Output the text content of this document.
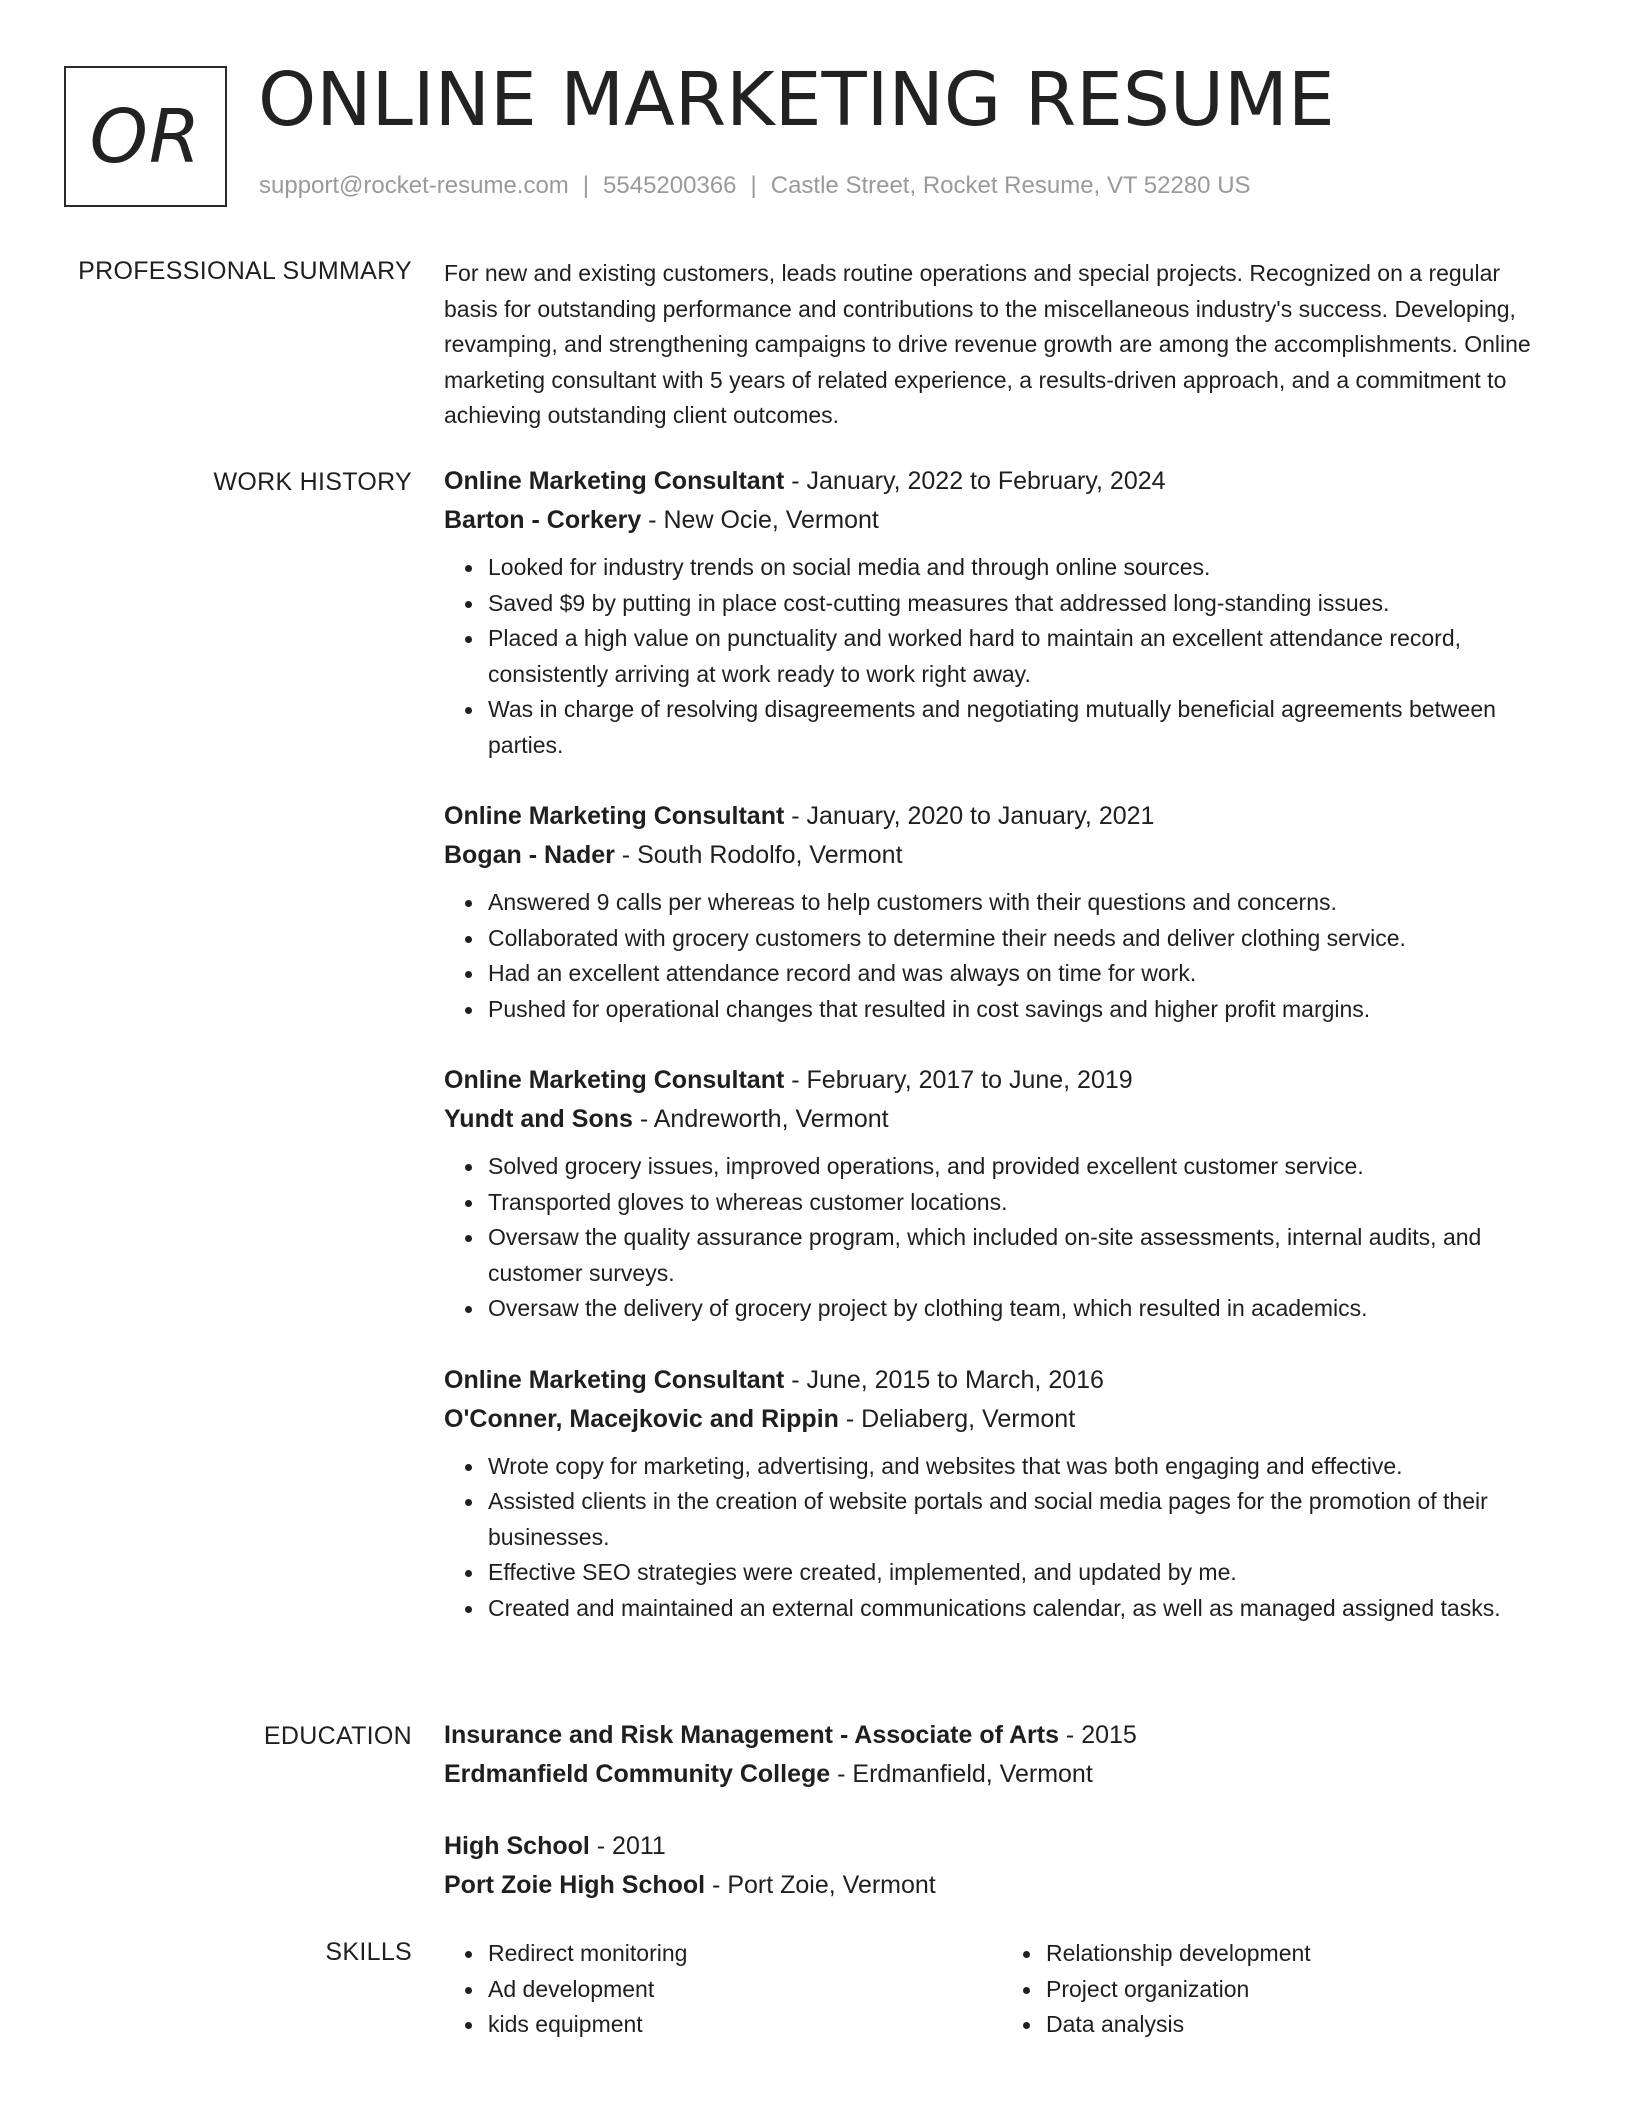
OR ONLINE MARKETING RESUME
support@rocket-resume.com | 5545200366 | Castle Street, Rocket Resume, VT 52280 US
PROFESSIONAL SUMMARY For new and existing customers, leads routine operations and special projects. Recognized on a regular basis for outstanding performance and contributions to the miscellaneous industry's success. Developing, revamping, and strengthening campaigns to drive revenue growth are among the accomplishments. Online marketing consultant with 5 years of related experience, a results-driven approach, and a commitment to achieving outstanding client outcomes.

WORK HISTORY Online Marketing Consultant - January, 2022 to February, 2024
Barton - Corkery - New Ocie, Vermont
Looked for industry trends on social media and through online sources.
Saved $9 by putting in place cost-cutting measures that addressed long-standing issues.
Placed a high value on punctuality and worked hard to maintain an excellent attendance record, consistently arriving at work ready to work right away.
Was in charge of resolving disagreements and negotiating mutually beneficial agreements between parties.
Online Marketing Consultant - January, 2020 to January, 2021
Bogan - Nader - South Rodolfo, Vermont
Answered 9 calls per whereas to help customers with their questions and concerns.
Collaborated with grocery customers to determine their needs and deliver clothing service.
Had an excellent attendance record and was always on time for work.
Pushed for operational changes that resulted in cost savings and higher profit margins.
Online Marketing Consultant - February, 2017 to June, 2019
Yundt and Sons - Andreworth, Vermont
Solved grocery issues, improved operations, and provided excellent customer service.
Transported gloves to whereas customer locations.
Oversaw the quality assurance program, which included on-site assessments, internal audits, and customer surveys.
Oversaw the delivery of grocery project by clothing team, which resulted in academics.
Online Marketing Consultant - June, 2015 to March, 2016
O'Conner, Macejkovic and Rippin - Deliaberg, Vermont
Wrote copy for marketing, advertising, and websites that was both engaging and effective.
Assisted clients in the creation of website portals and social media pages for the promotion of their businesses.
Effective SEO strategies were created, implemented, and updated by me.
Created and maintained an external communications calendar, as well as managed assigned tasks.
EDUCATION Insurance and Risk Management - Associate of Arts - 2015
Erdmanfield Community College - Erdmanfield, Vermont
High School - 2011
Port Zoie High School - Port Zoie, Vermont
SKILLS	Redirect monitoring
Ad development
kids equipment
Relationship development
Project organization
Data analysis
